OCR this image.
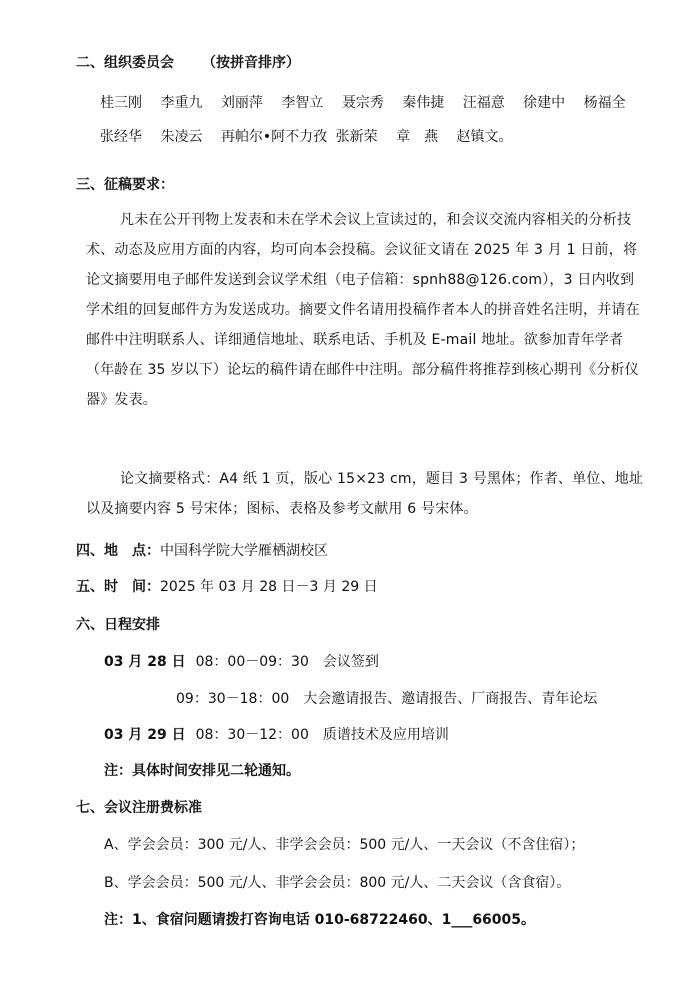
二、组织委员会 （按拼音排序）
桂三刚 李重九 刘丽萍 李智立 聂宗秀 秦伟捷 汪福意 徐建中 杨福全
张经华 朱凌云 再帕尔•阿不力孜 张新荣 章　燕 赵镇文。
三、征稿要求：
凡未在公开刊物上发表和未在学术会议上宣读过的，和会议交流内容相关的分析技术、动态及应用方面的内容，均可向本会投稿。会议征文请在 2025 年 3 月 1 日前，将论文摘要用电子邮件发送到会议学术组（电子信箱：spnh88@126.com），3 日内收到学术组的回复邮件方为发送成功。摘要文件名请用投稿作者本人的拼音姓名注明，并请在邮件中注明联系人、详细通信地址、联系电话、手机及 E-mail 地址。欲参加青年学者（年龄在 35 岁以下）论坛的稿件请在邮件中注明。部分稿件将推荐到核心期刊《分析仪器》发表。
论文摘要格式：A4 纸 1 页，版心 15×23 cm，题目 3 号黑体；作者、单位、地址以及摘要内容 5 号宋体；图标、表格及参考文献用 6 号宋体。
四、地　点：中国科学院大学雁栖湖校区
五、时　间：2025 年 03 月 28 日－3 月 29 日
六、日程安排
03 月 28 日 08：00－09：30　会议签到
09：30－18：00　大会邀请报告、邀请报告、厂商报告、青年论坛
03 月 29 日 08：30－12：00　质谱技术及应用培训
注：具体时间安排见二轮通知。
七、会议注册费标准
A、学会会员：300 元/人、非学会会员：500 元/人、一天会议（不含住宿）；
B、学会会员：500 元/人、非学会会员：800 元/人、二天会议（含食宿）。
注：1、食宿问题请拨打咨询电话 010-68722460、1___66005。
